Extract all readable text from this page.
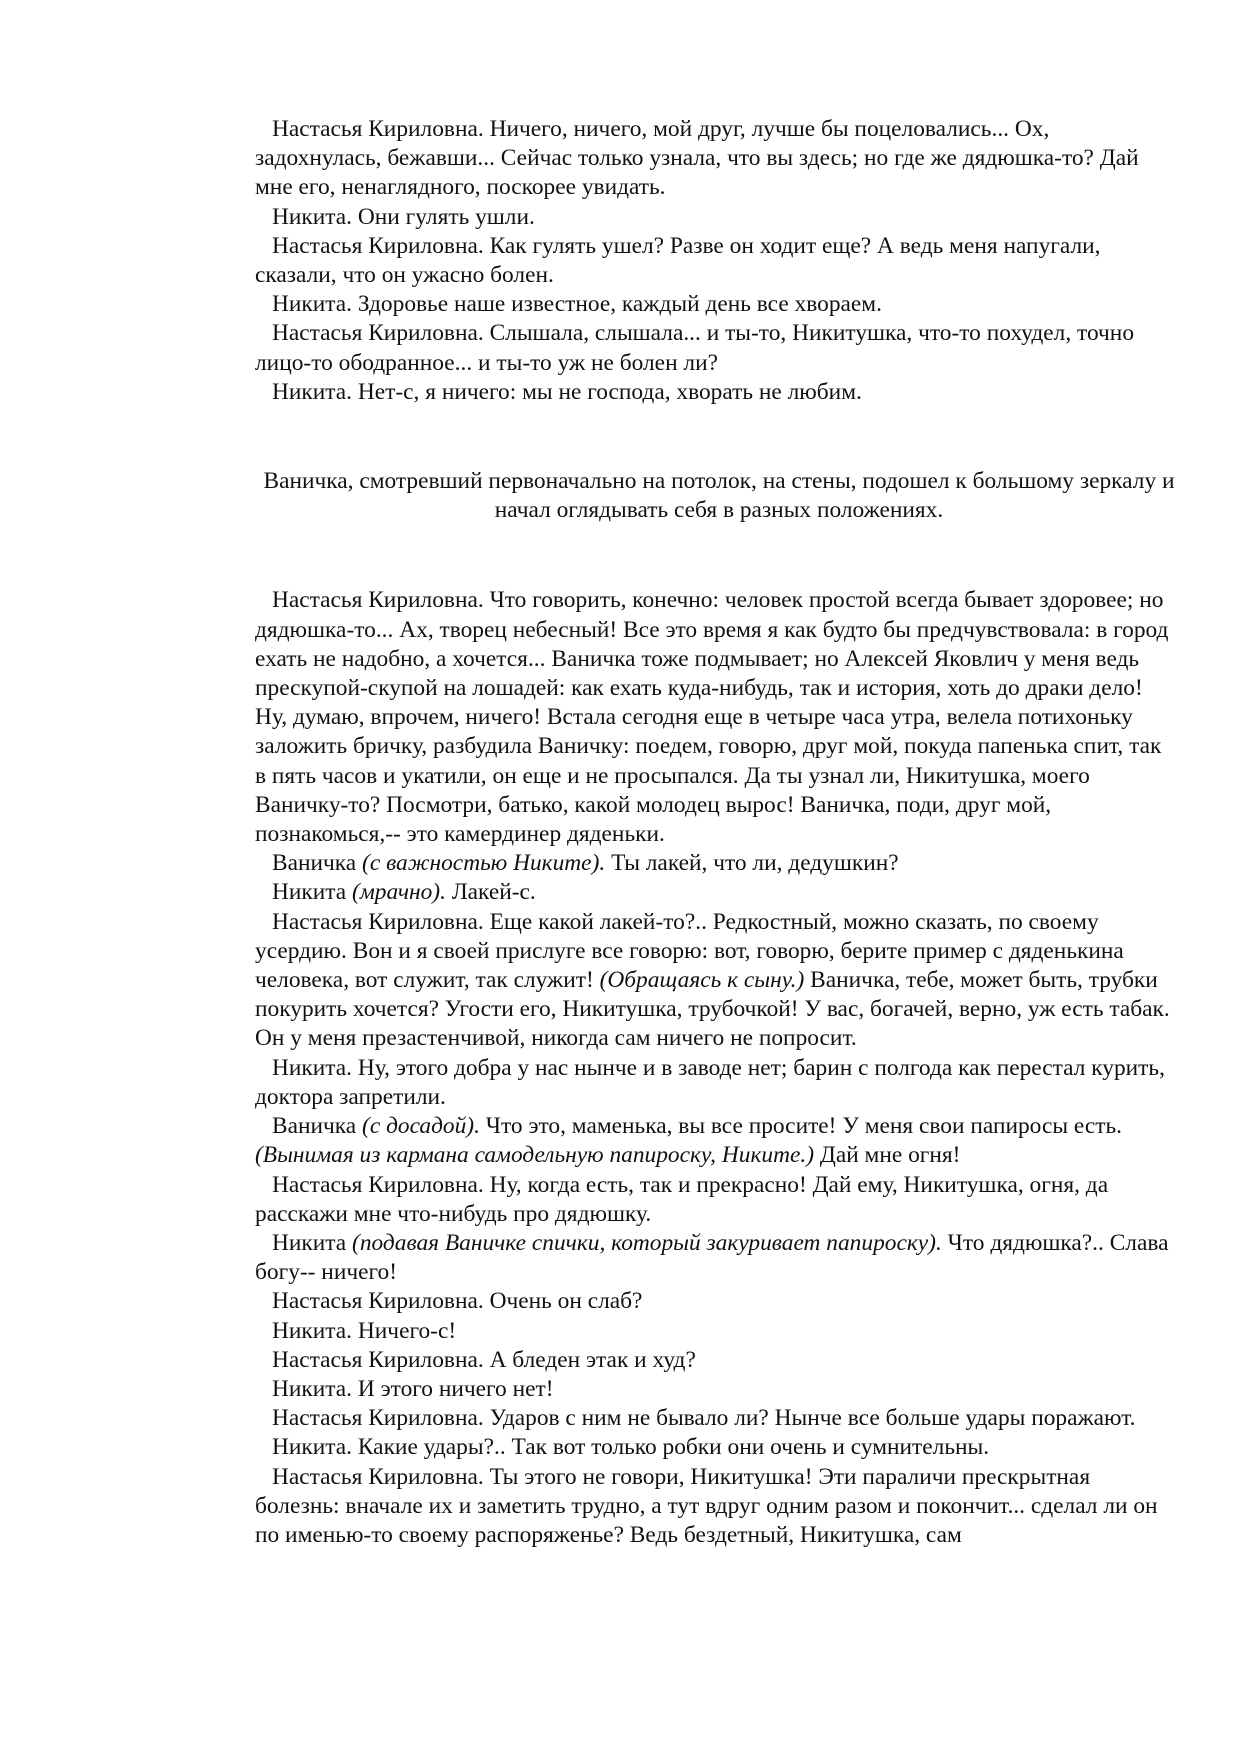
Настасья Кириловна. Ничего, ничего, мой друг, лучше бы поцеловались... Ох, задохнулась, бежавши... Сейчас только узнала, что вы здесь; но где же дядюшка-то? Дай мне его, ненаглядного, поскорее увидать.

Никита. Они гулять ушли.

Настасья Кириловна. Как гулять ушел? Разве он ходит еще? А ведь меня напугали, сказали, что он ужасно болен.

Никита. Здоровье наше известное, каждый день все хвораем.

Настасья Кириловна. Слышала, слышала... и ты-то, Никитушка, что-то похудел, точно лицо-то ободранное... и ты-то уж не болен ли?

Никита. Нет-с, я ничего: мы не господа, хворать не любим.

Ваничка, смотревший первоначально на потолок, на стены, подошел к большому зеркалу и начал оглядывать себя в разных положениях.

Настасья Кириловна. Что говорить, конечно: человек простой всегда бывает здоровее; но дядюшка-то... Ах, творец небесный! Все это время я как будто бы предчувствовала: в город ехать не надобно, а хочется... Ваничка тоже подмывает; но Алексей Яковлич у меня ведь прескупой-скупой на лошадей: как ехать куда-нибудь, так и история, хоть до драки дело! Ну, думаю, впрочем, ничего! Встала сегодня еще в четыре часа утра, велела потихоньку заложить бричку, разбудила Ваничку: поедем, говорю, друг мой, покуда папенька спит, так в пять часов и укатили, он еще и не просыпался. Да ты узнал ли, Никитушка, моего Ваничку-то? Посмотри, батько, какой молодец вырос! Ваничка, поди, друг мой, познакомься,-- это камердинер дяденьки.

Ваничка (с важностью Никите). Ты лакей, что ли, дедушкин?

Никита (мрачно). Лакей-с.

Настасья Кириловна. Еще какой лакей-то?.. Редкостный, можно сказать, по своему усердию. Вон и я своей прислуге все говорю: вот, говорю, берите пример с дяденькина человека, вот служит, так служит! (Обращаясь к сыну.) Ваничка, тебе, может быть, трубки покурить хочется? Угости его, Никитушка, трубочкой! У вас, богачей, верно, уж есть табак. Он у меня презастенчивой, никогда сам ничего не попросит.

Никита. Ну, этого добра у нас нынче и в заводе нет; барин с полгода как перестал курить, доктора запретили.

Ваничка (с досадой). Что это, маменька, вы все просите! У меня свои папиросы есть. (Вынимая из кармана самодельную папироску, Никите.) Дай мне огня!

Настасья Кириловна. Ну, когда есть, так и прекрасно! Дай ему, Никитушка, огня, да расскажи мне что-нибудь про дядюшку.

Никита (подавая Ваничке спички, который закуривает папироску). Что дядюшка?.. Слава богу-- ничего!

Настасья Кириловна. Очень он слаб?

Никита. Ничего-с!

Настасья Кириловна. А бледен этак и худ?

Никита. И этого ничего нет!

Настасья Кириловна. Ударов с ним не бывало ли? Нынче все больше удары поражают.

Никита. Какие удары?.. Так вот только робки они очень и сумнительны.

Настасья Кириловна. Ты этого не говори, Никитушка! Эти параличи прескрытная болезнь: вначале их и заметить трудно, а тут вдруг одним разом и покончит... сделал ли он по именью-то своему распоряженье? Ведь бездетный, Никитушка, сам
